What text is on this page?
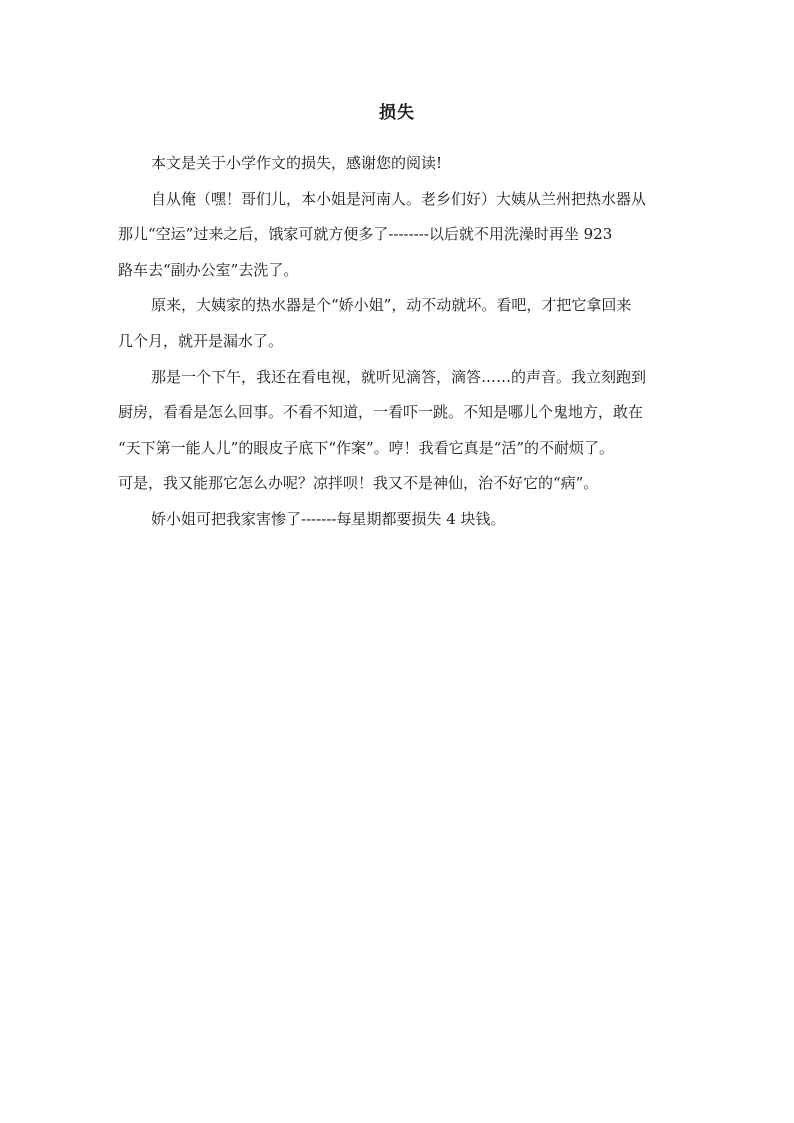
损失
本文是关于小学作文的损失，感谢您的阅读!
自从俺（嘿！哥们儿，本小姐是河南人。老乡们好）大姨从兰州把热水器从
那儿“空运”过来之后，饿家可就方便多了--------以后就不用洗澡时再坐 923
路车去“副办公室”去洗了。
原来，大姨家的热水器是个“娇小姐”，动不动就坏。看吧，才把它拿回来
几个月，就开是漏水了。
那是一个下午，我还在看电视，就听见滴答，滴答……的声音。我立刻跑到
厨房，看看是怎么回事。不看不知道，一看吓一跳。不知是哪儿个鬼地方，敢在
“天下第一能人儿”的眼皮子底下“作案”。哼！我看它真是“活”的不耐烦了。
可是，我又能那它怎么办呢？凉拌呗！我又不是神仙，治不好它的“病”。
娇小姐可把我家害惨了-------每星期都要损失 4 块钱。
